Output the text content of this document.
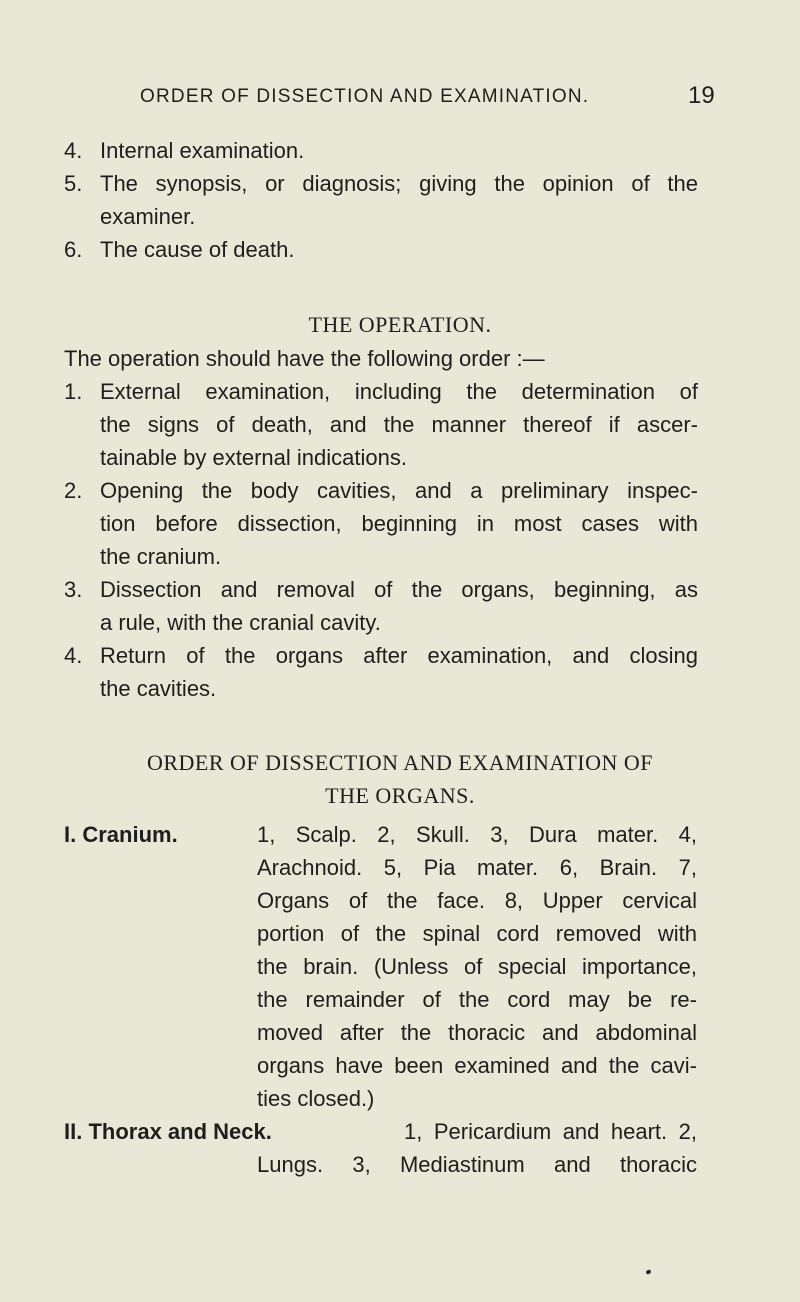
ORDER OF DISSECTION AND EXAMINATION.	19
4. Internal examination.
5. The synopsis, or diagnosis; giving the opinion of the
examiner.
6. The cause of death.
THE OPERATION.
The operation should have the following order :—
1. External examination, including the determination of
the signs of death, and the manner thereof if ascer-
tainable by external indications.
2. Opening the body cavities, and a preliminary inspec-
tion before dissection, beginning in most cases with
the cranium.
3. Dissection and removal of the organs, beginning, as
a rule, with the cranial cavity.
4. Return of the organs after examination, and closing
the cavities.
ORDER OF DISSECTION AND EXAMINATION OF
THE ORGANS.
I. Cranium.	1, Scalp. 2, Skull. 3, Dura mater. 4,
Arachnoid. 5, Pia mater. 6, Brain. 7,
Organs of the face. 8, Upper cervical
portion of the spinal cord removed with
the brain. (Unless of special importance,
the remainder of the cord may be re-
moved after the thoracic and abdominal
organs have been examined and the cavi-
ties closed.)
II. Thorax and Neck.	1, Pericardium and heart. 2,
Lungs. 3, Mediastinum and thoracic
